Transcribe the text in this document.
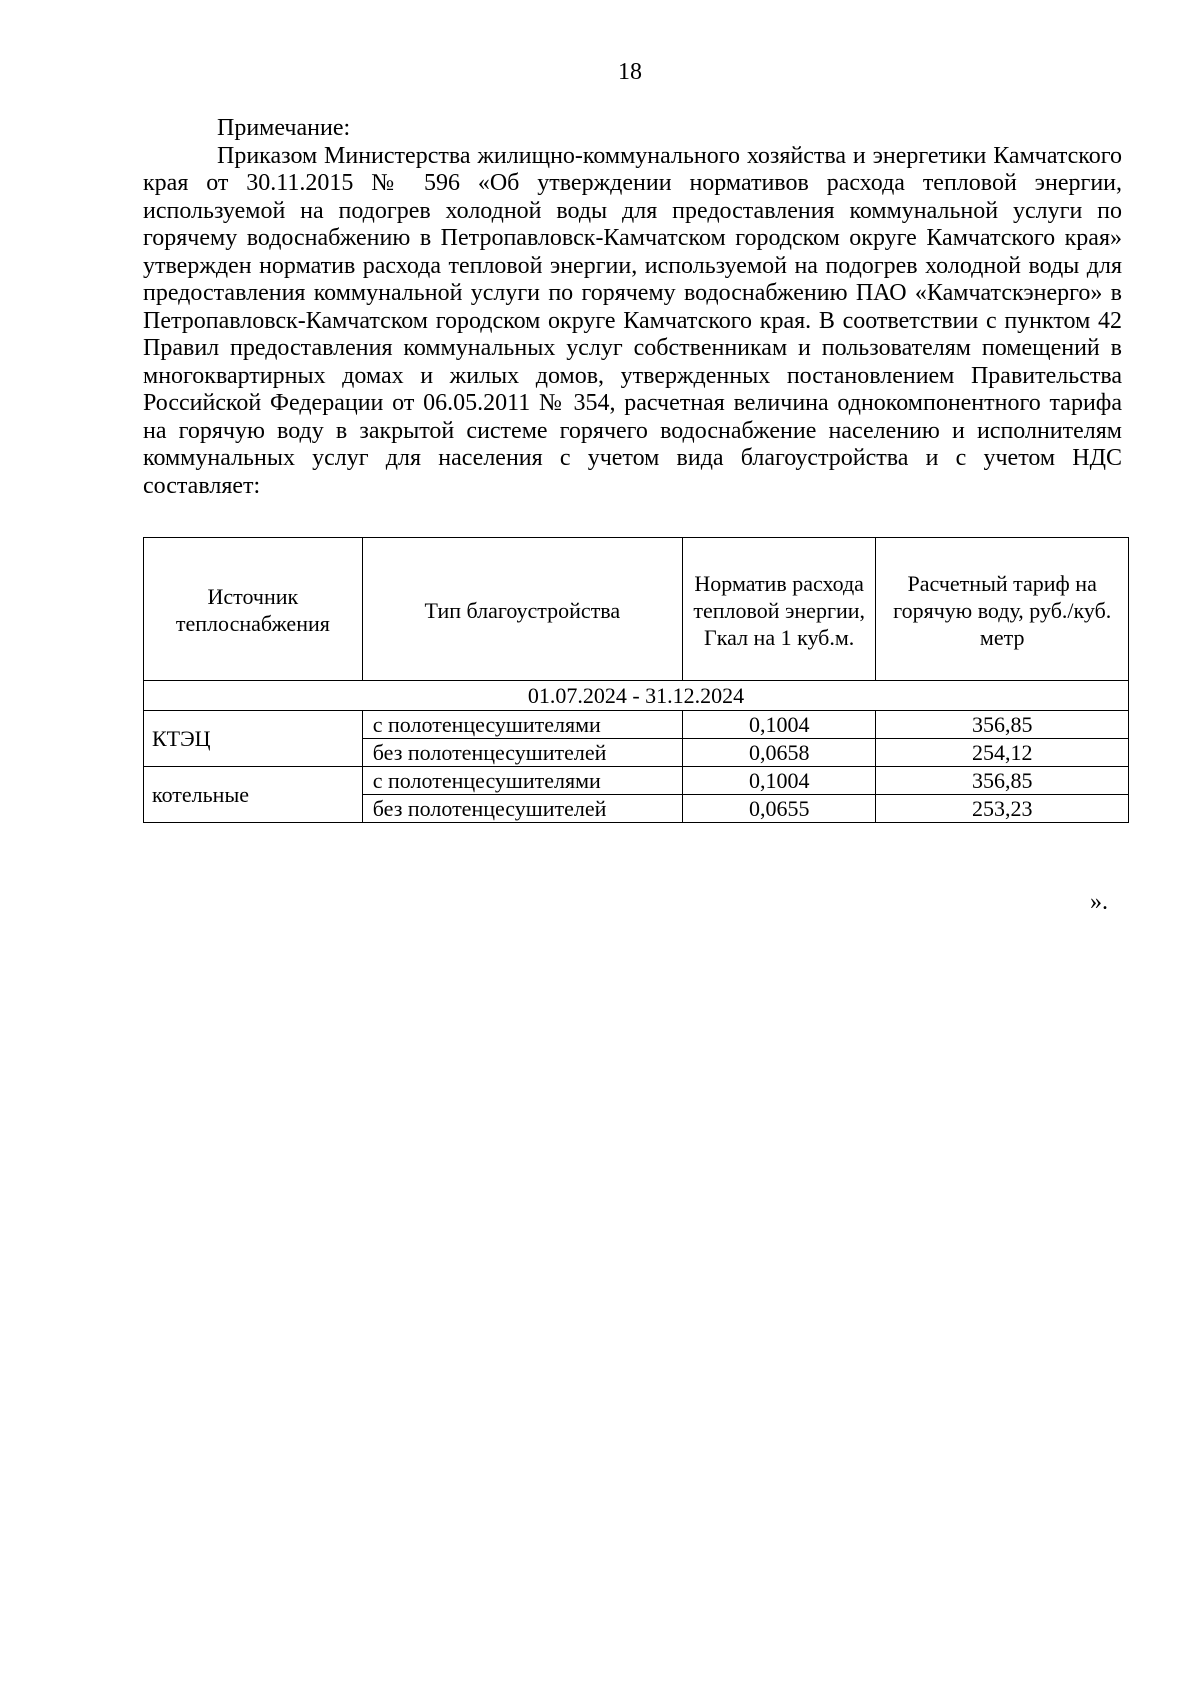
18

Примечание:

Приказом Министерства жилищно-коммунального хозяйства и энергетики Камчатского края от 30.11.2015 № 596 «Об утверждении нормативов расхода тепловой энергии, используемой на подогрев холодной воды для предоставления коммунальной услуги по горячему водоснабжению в Петропавловск-Камчатском городском округе Камчатского края» утвержден норматив расхода тепловой энергии, используемой на подогрев холодной воды для предоставления коммунальной услуги по горячему водоснабжению ПАО «Камчатскэнерго» в Петропавловск-Камчатском городском округе Камчатского края. В соответствии с пунктом 42 Правил предоставления коммунальных услуг собственникам и пользователям помещений в многоквартирных домах и жилых домов, утвержденных постановлением Правительства Российской Федерации от 06.05.2011 № 354, расчетная величина однокомпонентного тарифа на горячую воду в закрытой системе горячего водоснабжение населению и исполнителям коммунальных услуг для населения с учетом вида благоустройства и с учетом НДС составляет:

Источник теплоснабжения	Тип благоустройства	Норматив расхода тепловой энергии, Гкал на 1 куб.м.	Расчетный тариф на горячую воду, руб./куб. метр
01.07.2024 - 31.12.2024			
КТЭЦ	с полотенцесушителями	0,1004	356,85
	без полотенцесушителей	0,0658	254,12
котельные	с полотенцесушителями	0,1004	356,85
	без полотенцесушителей	0,0655	253,23
».
